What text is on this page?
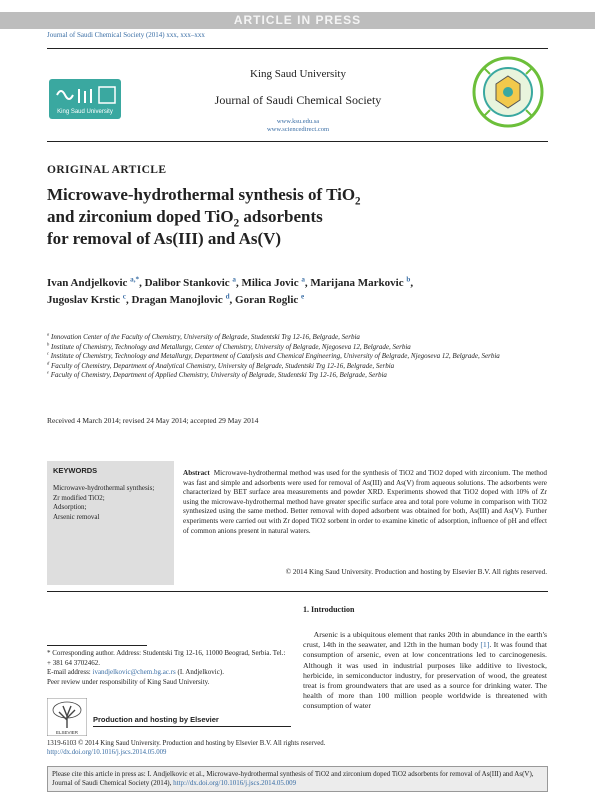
ARTICLE IN PRESS
Journal of Saudi Chemical Society (2014) xxx, xxx–xxx
King Saud University
King Saud University
Journal of Saudi Chemical Society
www.ksu.edu.sa
www.sciencedirect.com
ORIGINAL ARTICLE
Microwave-hydrothermal synthesis of TiO$_2$
and zirconium doped TiO$_2$ adsorbents
for removal of As(III) and As(V)
Ivan Andjelkovic $^{a,*}$, Dalibor Stankovic $^a$, Milica Jovic $^a$, Marijana Markovic $^b$,
Jugoslav Krstic $^c$, Dragan Manojlovic $^d$, Goran Roglic $^e$
$^a$ Innovation Center of the Faculty of Chemistry, University of Belgrade, Studentski Trg 12-16, Belgrade, Serbia
$^b$ Institute of Chemistry, Technology and Metallurgy, Center of Chemistry, University of Belgrade, Njegoseva 12, Belgrade, Serbia
$^c$ Institute of Chemistry, Technology and Metallurgy, Department of Catalysis and Chemical Engineering, University of Belgrade, Njegoseva 12, Belgrade, Serbia
$^d$ Faculty of Chemistry, Department of Analytical Chemistry, University of Belgrade, Studentski Trg 12-16, Belgrade, Serbia
$^e$ Faculty of Chemistry, Department of Applied Chemistry, University of Belgrade, Studentski Trg 12-16, Belgrade, Serbia
Received 4 March 2014; revised 24 May 2014; accepted 29 May 2014
KEYWORDS
Microwave-hydrothermal synthesis;
Zr modified TiO2;
Adsorption;
Arsenic removal
Abstract Microwave-hydrothermal method was used for the synthesis of TiO2 and TiO2 doped with zirconium. The method was fast and simple and adsorbents were used for removal of As(III) and As(V) from aqueous solutions. The adsorbents were characterized by BET surface area measurements and powder XRD. Experiments showed that TiO2 doped with 10% of Zr using the microwave-hydrothermal method have greater specific surface area and total pore volume in comparison with TiO2 synthesized using the same method. Better removal with doped adsorbent was obtained for both, As(III) and As(V). Further experiments were carried out with Zr doped TiO2 sorbent in order to examine kinetic of adsorption, influence of pH and effect of common anions present in natural waters.
© 2014 King Saud University. Production and hosting by Elsevier B.V. All rights reserved.
1. Introduction
Arsenic is a ubiquitous element that ranks 20th in abundance in the earth's crust, 14th in the seawater, and 12th in the human body [1]. It was found that consumption of arsenic, even at low concentrations led to carcinogenesis. Although it was used in industrial purposes like additive to livestock, herbicide, in semiconductor industry, for preservation of wood, the greatest treat is from groundwaters that are used as a source for drinking water. The health of more than 100 million people worldwide is threatened with consumption of water
* Corresponding author. Address: Studentski Trg 12-16, 11000 Beograd, Serbia. Tel.: + 381 64 3702462.
E-mail address: ivandjelkovic@chem.bg.ac.rs (I. Andjelkovic).
Peer review under responsibility of King Saud University.
ELSEVIER
Production and hosting by Elsevier
1319-6103 © 2014 King Saud University. Production and hosting by Elsevier B.V. All rights reserved.
http://dx.doi.org/10.1016/j.jscs.2014.05.009
Please cite this article in press as: I. Andjelkovic et al., Microwave-hydrothermal synthesis of TiO2 and zirconium doped TiO2 adsorbents for removal of As(III) and As(V), Journal of Saudi Chemical Society (2014), http://dx.doi.org/10.1016/j.jscs.2014.05.009
